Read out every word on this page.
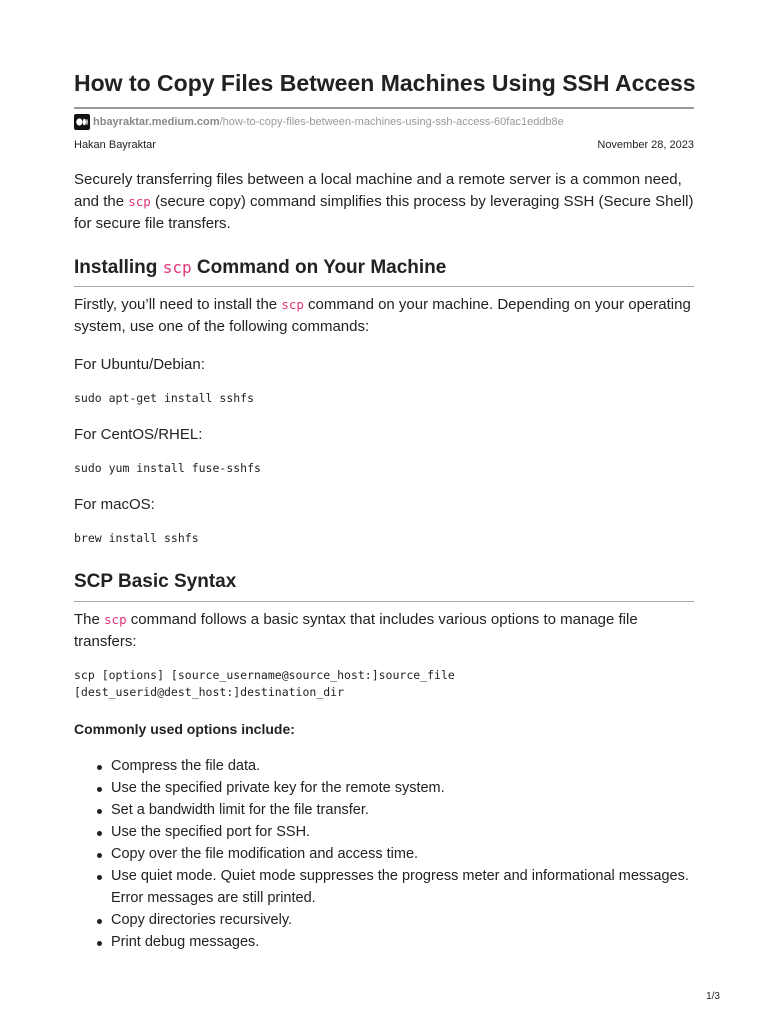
How to Copy Files Between Machines Using SSH Access
hbayraktar.medium.com /how-to-copy-files-between-machines-using-ssh-access-60fac1eddb8e
Hakan Bayraktar	November 28, 2023

Securely transferring files between a local machine and a remote server is a common need, and the scp (secure copy) command simplifies this process by leveraging SSH (Secure Shell) for secure file transfers.

Installing scp Command on Your Machine

Firstly, you’ll need to install the scp command on your machine. Depending on your operating system, use one of the following commands:

For Ubuntu/Debian:

sudo apt-get install sshfs

For CentOS/RHEL:

sudo yum install fuse-sshfs

For macOS:

brew install sshfs
SCP Basic Syntax

The scp command follows a basic syntax that includes various options to manage file transfers:

scp [options] [source_username@source_host:]source_file
[dest_userid@dest_host:]destination_dir

Commonly used options include:

Compress the file data.
Use the specified private key for the remote system.
Set a bandwidth limit for the file transfer.
Use the specified port for SSH.
Copy over the file modification and access time.
Use quiet mode. Quiet mode suppresses the progress meter and informational messages. Error messages are still printed.
Copy directories recursively.
Print debug messages.
1/3
